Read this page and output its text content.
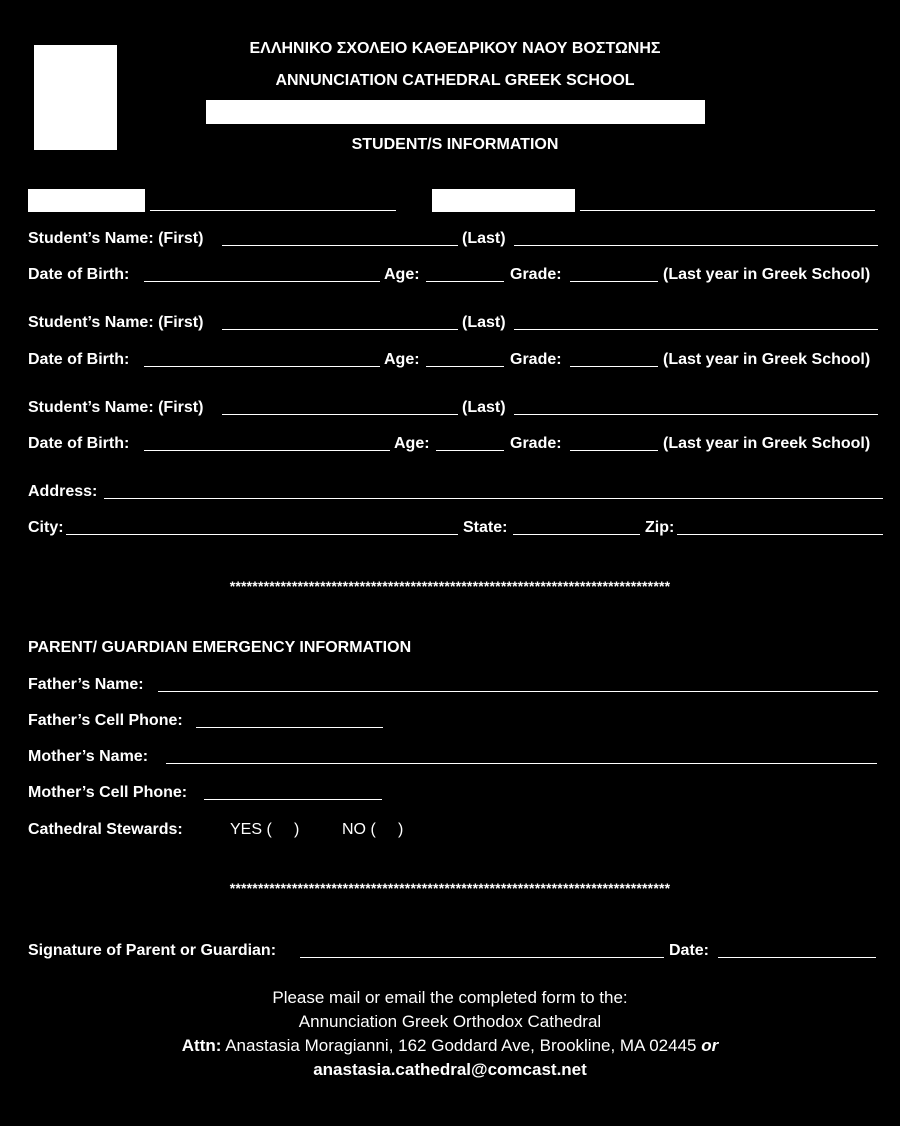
ΕΛΛΗΝΙΚΟ ΣΧΟΛΕΙΟ ΚΑΘΕΔΡΙΚΟΥ ΝΑΟΥ ΒΟΣΤΩΝΗΣ
ANNUNCIATION CATHEDRAL GREEK SCHOOL
STUDENT/S INFORMATION
Student’s Name: (First)	(Last)
Date of Birth:	Age:	Grade:	(Last year in Greek School)
Student’s Name: (First)	(Last)
Date of Birth:	Age:	Grade:	(Last year in Greek School)
Student’s Name: (First)	(Last)
Date of Birth:	Age:	Grade:	(Last year in Greek School)
Address:
City:	State:	Zip:
******************************************************************************
PARENT/ GUARDIAN EMERGENCY INFORMATION
Father’s Name:
Father’s Cell Phone:
Mother’s Name:
Mother’s Cell Phone:
Cathedral Stewards:	YES (     )	NO (     )
******************************************************************************
Signature of Parent or Guardian:	Date:
Please mail or email the completed form to the:
Annunciation Greek Orthodox Cathedral
Attn: Anastasia Moragianni, 162 Goddard Ave, Brookline, MA 02445 or
anastasia.cathedral@comcast.net
